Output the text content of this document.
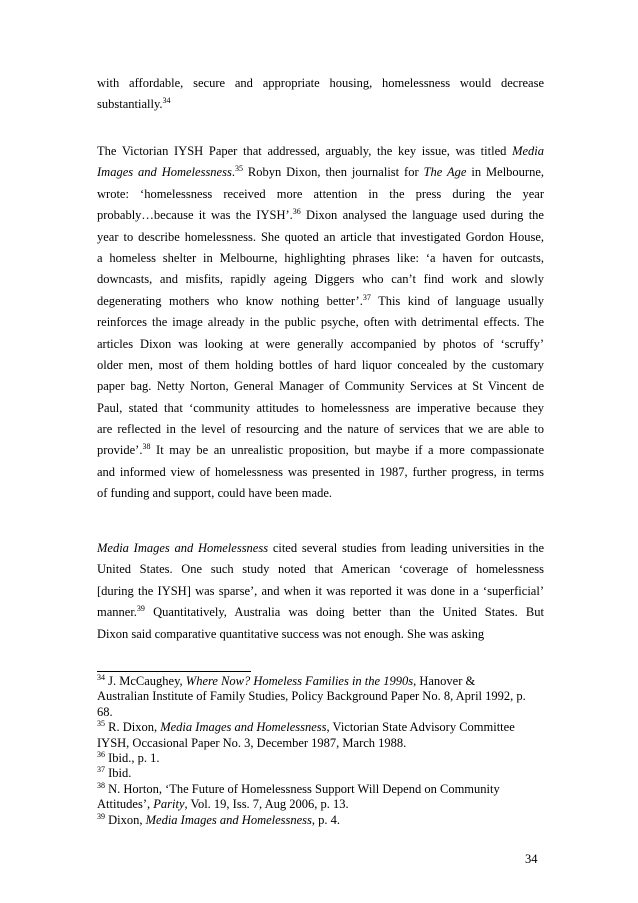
with affordable, secure and appropriate housing, homelessness would decrease
substantially.$^{34}$
The Victorian IYSH Paper that addressed, arguably, the key issue, was titled Media
Images and Homelessness.$^{35}$ Robyn Dixon, then journalist for The Age in Melbourne,
wrote: ‘homelessness received more attention in the press during the year
probably…because it was the IYSH’.$^{36}$ Dixon analysed the language used during the
year to describe homelessness. She quoted an article that investigated Gordon House,
a homeless shelter in Melbourne, highlighting phrases like: ‘a haven for outcasts,
downcasts, and misfits, rapidly ageing Diggers who can’t find work and slowly
degenerating mothers who know nothing better’.$^{37}$ This kind of language usually
reinforces the image already in the public psyche, often with detrimental effects. The
articles Dixon was looking at were generally accompanied by photos of ‘scruffy’
older men, most of them holding bottles of hard liquor concealed by the customary
paper bag. Netty Norton, General Manager of Community Services at St Vincent de
Paul, stated that ‘community attitudes to homelessness are imperative because they
are reflected in the level of resourcing and the nature of services that we are able to
provide’.$^{38}$ It may be an unrealistic proposition, but maybe if a more compassionate
and informed view of homelessness was presented in 1987, further progress, in terms
of funding and support, could have been made.
Media Images and Homelessness cited several studies from leading universities in the
United States. One such study noted that American ‘coverage of homelessness
[during the IYSH] was sparse’, and when it was reported it was done in a ‘superficial’
manner.$^{39}$ Quantitatively, Australia was doing better than the United States. But
Dixon said comparative quantitative success was not enough. She was asking
$^{34}$ J. McCaughey, Where Now? Homeless Families in the 1990s, Hanover &
Australian Institute of Family Studies, Policy Background Paper No. 8, April 1992, p.
68.
$^{35}$ R. Dixon, Media Images and Homelessness, Victorian State Advisory Committee
IYSH, Occasional Paper No. 3, December 1987, March 1988.
$^{36}$ Ibid., p. 1.
$^{37}$ Ibid.
$^{38}$ N. Horton, ‘The Future of Homelessness Support Will Depend on Community
Attitudes’, Parity, Vol. 19, Iss. 7, Aug 2006, p. 13.
$^{39}$ Dixon, Media Images and Homelessness, p. 4.
34
